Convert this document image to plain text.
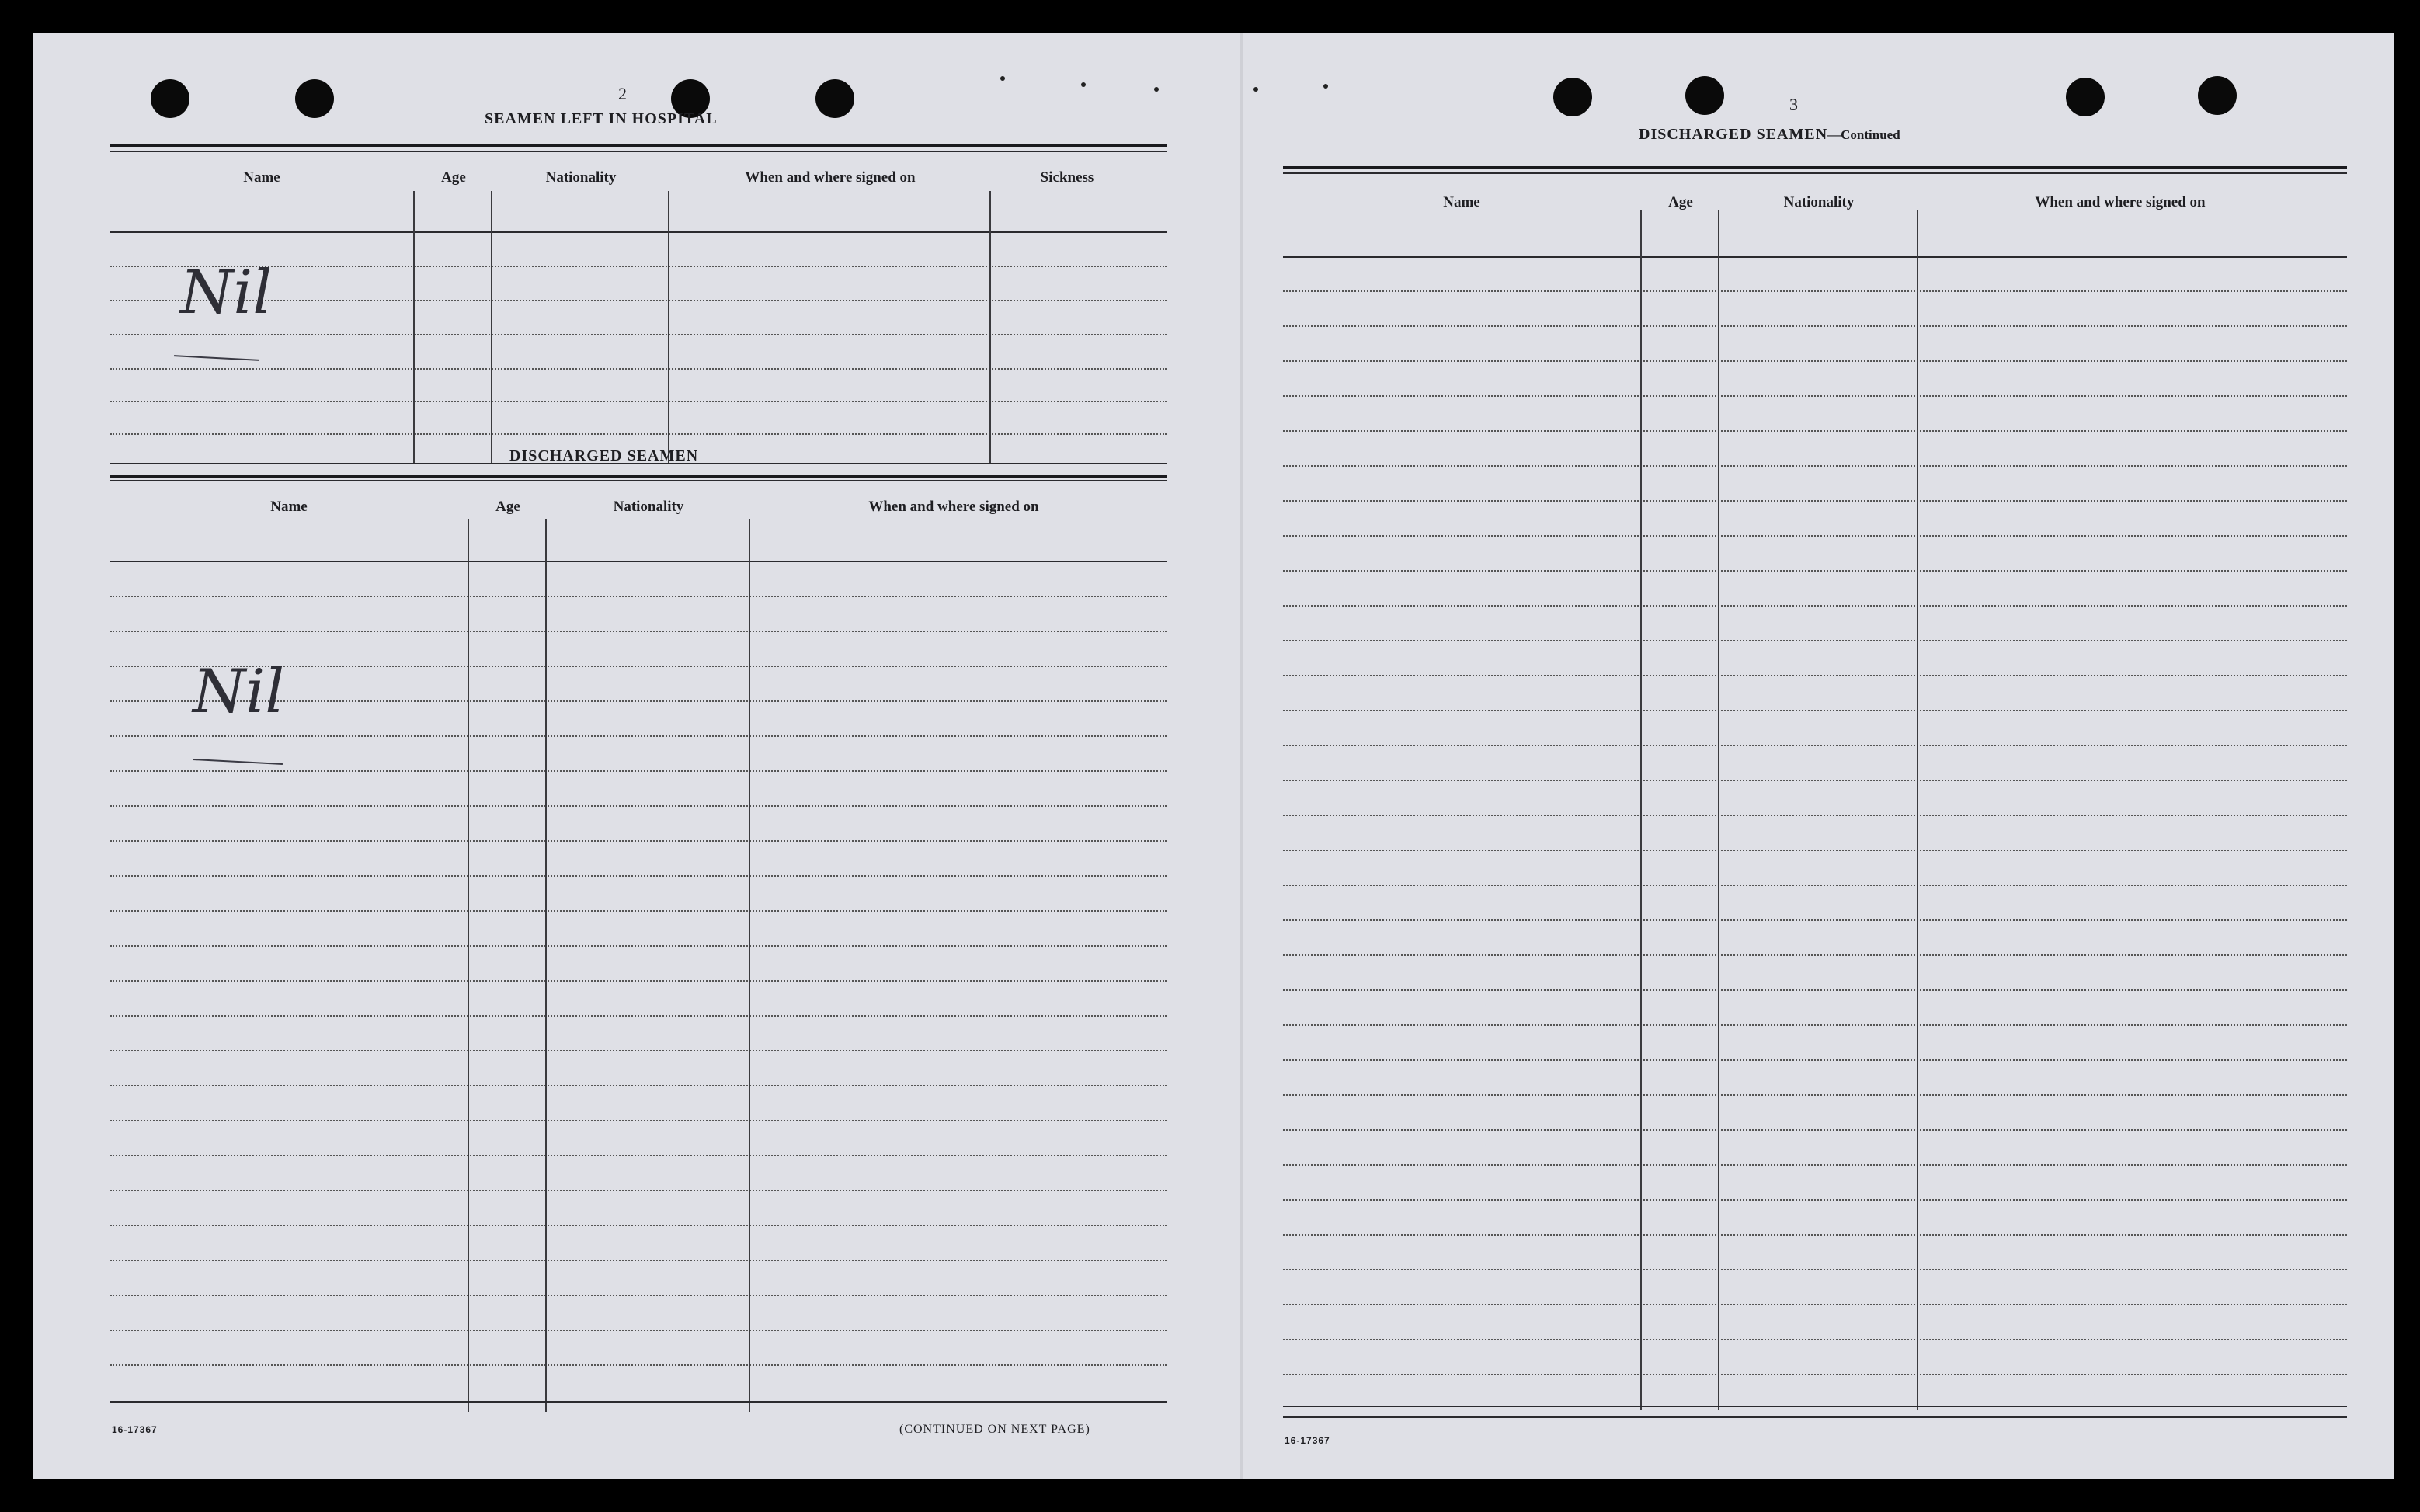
2
SEAMEN LEFT IN HOSPITAL
Name	Age	Nationality	When and where signed on	Sickness
Nil
DISCHARGED SEAMEN
Name	Age	Nationality	When and where signed on
Nil
16-17367	(CONTINUED ON NEXT PAGE)
3
DISCHARGED SEAMEN—Continued
Name	Age	Nationality	When and where signed on
16-17367
